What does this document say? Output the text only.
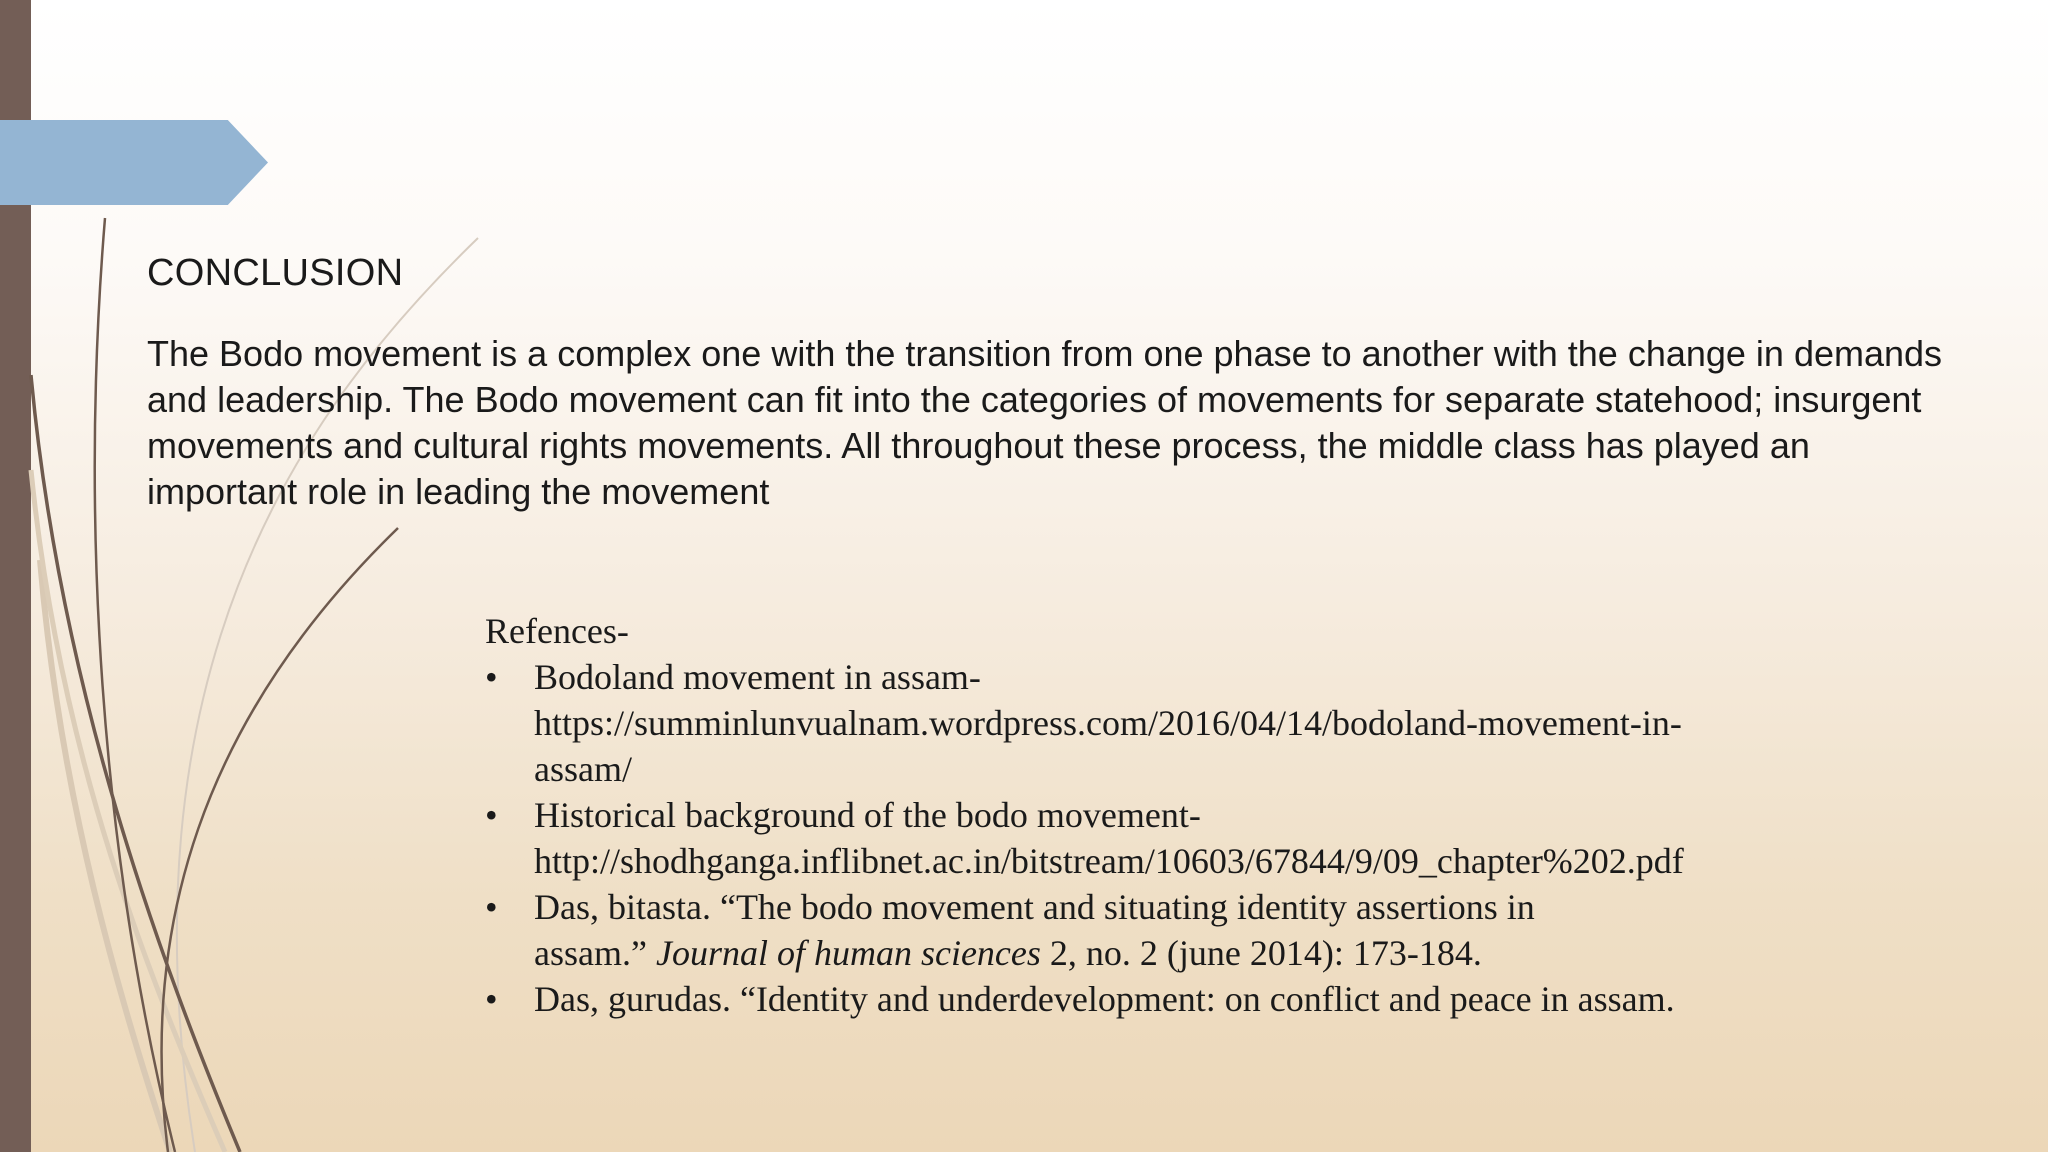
CONCLUSION

The Bodo movement is a complex one with the transition from one phase to another with the change in demands and leadership. The Bodo movement can fit into the categories of movements for separate statehood; insurgent movements and cultural rights movements. All throughout these process, the middle class has played an important role in leading the movement

Refences-

• Bodoland movement in assam-
https://summinlunvualnam.wordpress.com/2016/04/14/bodoland-movement-in-
assam/
• Historical background of the bodo movement-
http://shodhganga.inflibnet.ac.in/bitstream/10603/67844/9/09_chapter%202.pdf
• Das, bitasta. “The bodo movement and situating identity assertions in
assam.” Journal of human sciences 2, no. 2 (june 2014): 173-184.
• Das, gurudas. “Identity and underdevelopment: on conflict and peace in assam.
